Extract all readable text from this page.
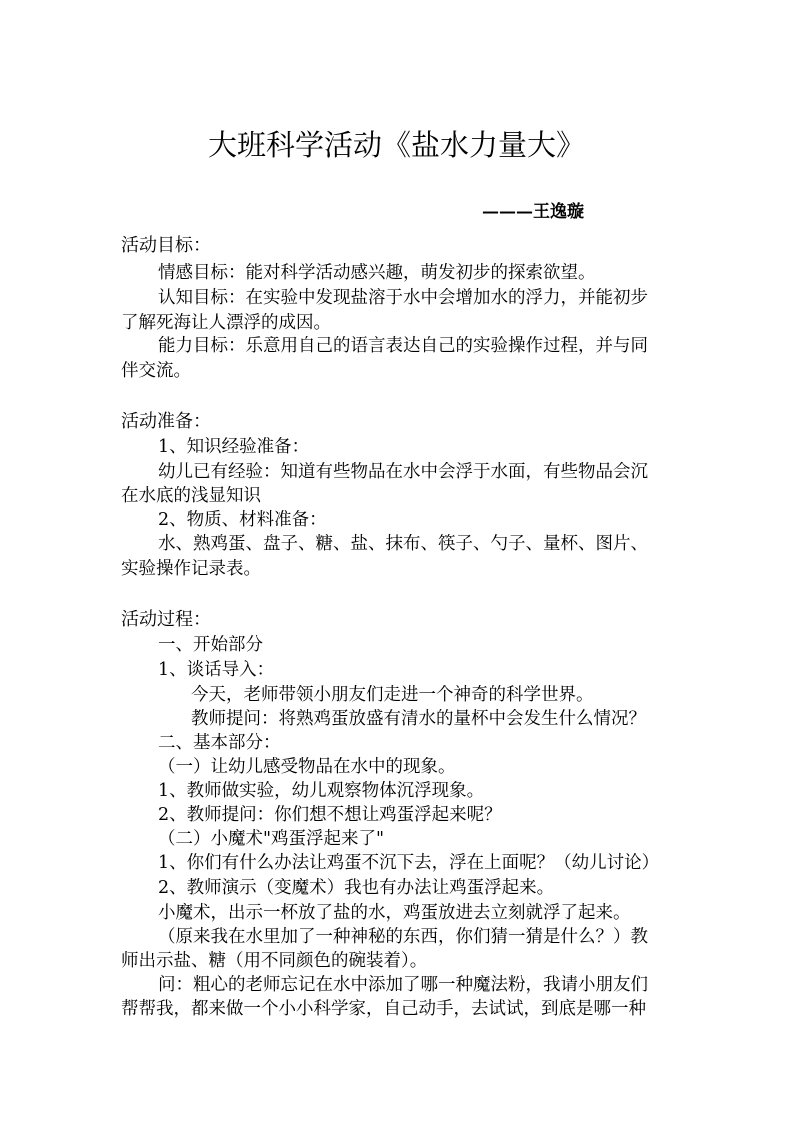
大班科学活动《盐水力量大》
———王逸璇
活动目标：
情感目标：能对科学活动感兴趣，萌发初步的探索欲望。
认知目标：在实验中发现盐溶于水中会增加水的浮力，并能初步
了解死海让人漂浮的成因。
能力目标：乐意用自己的语言表达自己的实验操作过程，并与同
伴交流。
活动准备：
1、知识经验准备：
幼儿已有经验：知道有些物品在水中会浮于水面，有些物品会沉
在水底的浅显知识
2、物质、材料准备：
水、熟鸡蛋、盘子、糖、盐、抹布、筷子、勺子、量杯、图片、
实验操作记录表。
活动过程：
一、开始部分
1、谈话导入：
今天，老师带领小朋友们走进一个神奇的科学世界。
教师提问：将熟鸡蛋放盛有清水的量杯中会发生什么情况？
二、基本部分：
（一）让幼儿感受物品在水中的现象。
1、教师做实验，幼儿观察物体沉浮现象。
2、教师提问：你们想不想让鸡蛋浮起来呢？
（二）小魔术"鸡蛋浮起来了"
1、你们有什么办法让鸡蛋不沉下去，浮在上面呢？（幼儿讨论）
2、教师演示（变魔术）我也有办法让鸡蛋浮起来。
小魔术，出示一杯放了盐的水，鸡蛋放进去立刻就浮了起来。
（原来我在水里加了一种神秘的东西，你们猜一猜是什么？）教
师出示盐、糖（用不同颜色的碗装着）。
问：粗心的老师忘记在水中添加了哪一种魔法粉，我请小朋友们
帮帮我，都来做一个小小科学家，自己动手，去试试，到底是哪一种
